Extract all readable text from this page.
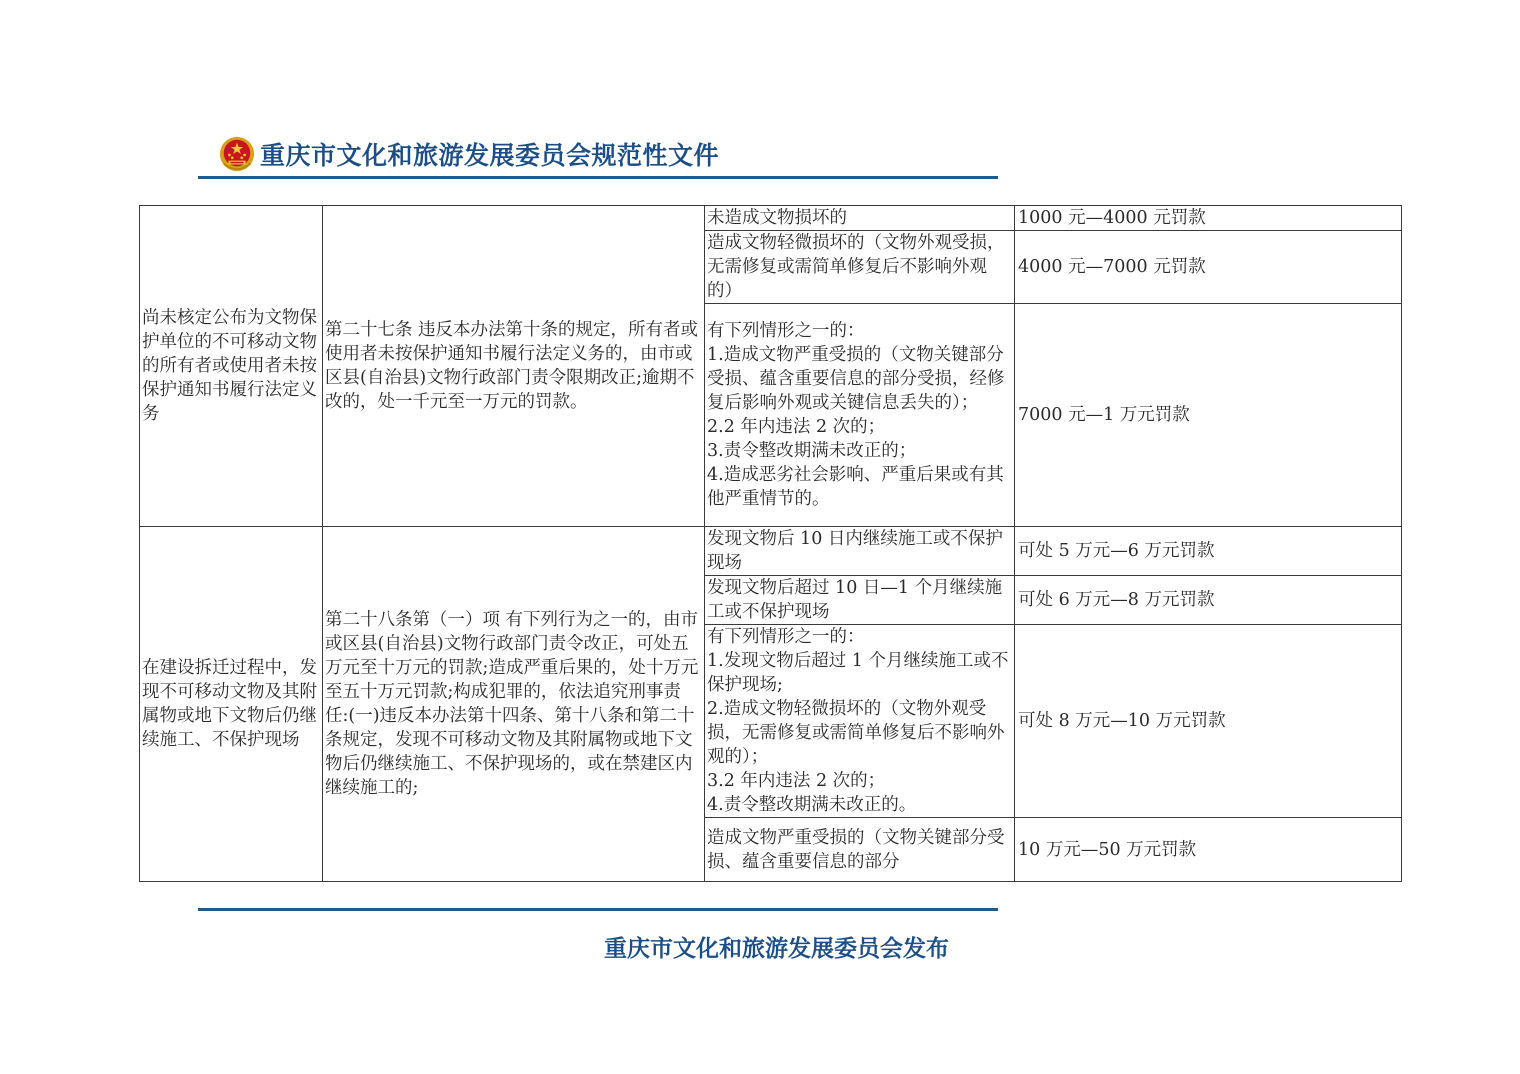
重庆市文化和旅游发展委员会规范性文件
尚未核定公布为文物保护单位的不可移动文物的所有者或使用者未按保护通知书履行法定义务	第二十七条 违反本办法第十条的规定，所有者或使用者未按保护通知书履行法定义务的，由市或区县(自治县)文物行政部门责令限期改正;逾期不改的，处一千元至一万元的罚款。	未造成文物损坏的	1000 元—4000 元罚款
		造成文物轻微损坏的（文物外观受损，无需修复或需简单修复后不影响外观的）	4000 元—7000 元罚款

		有下列情形之一的：
1.造成文物严重受损的（文物关键部分受损、蕴含重要信息的部分受损，经修复后影响外观或关键信息丢失的）；
2.2 年内违法 2 次的；
3.责令整改期满未改正的；
4.造成恶劣社会影响、严重后果或有其他严重情节的。	7000 元—1 万元罚款
在建设拆迁过程中，发现不可移动文物及其附属物或地下文物后仍继续施工、不保护现场	第二十八条第（一）项 有下列行为之一的，由市或区县(自治县)文物行政部门责令改正，可处五万元至十万元的罚款;造成严重后果的，处十万元至五十万元罚款;构成犯罪的，依法追究刑事责任:(一)违反本办法第十四条、第十八条和第二十条规定，发现不可移动文物及其附属物或地下文物后仍继续施工、不保护现场的，或在禁建区内继续施工的;	发现文物后 10 日内继续施工或不保护现场	可处 5 万元—6 万元罚款
		发现文物后超过 10 日—1 个月继续施工或不保护现场	可处 6 万元—8 万元罚款

		有下列情形之一的：
1.发现文物后超过 1 个月继续施工或不保护现场;
2.造成文物轻微损坏的（文物外观受损，无需修复或需简单修复后不影响外观的）；
3.2 年内违法 2 次的；
4.责令整改期满未改正的。	可处 8 万元—10 万元罚款
		造成文物严重受损的（文物关键部分受损、蕴含重要信息的部分	10 万元—50 万元罚款
重庆市文化和旅游发展委员会发布
